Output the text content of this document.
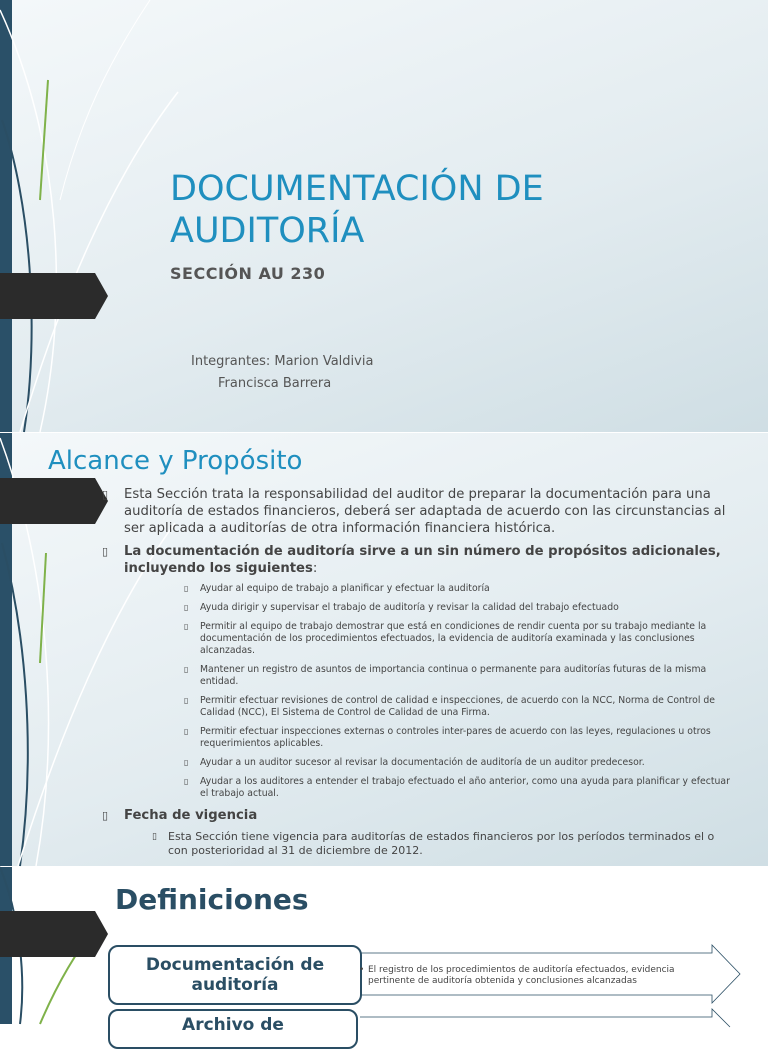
DOCUMENTACIÓN DE AUDITORÍA
SECCIÓN AU 230
Integrantes: Marion Valdivia
Francisca Barrera
Alcance y Propósito
▯ Esta Sección trata la responsabilidad del auditor de preparar la documentación para una auditoría de estados financieros, deberá ser adaptada de acuerdo con las circunstancias al ser aplicada a auditorías de otra información financiera histórica.
▯ La documentación de auditoría sirve a un sin número de propósitos adicionales, incluyendo los siguientes:
▯ Ayudar al equipo de trabajo a planificar y efectuar la auditoría
▯ Ayuda dirigir y supervisar el trabajo de auditoría y revisar la calidad del trabajo efectuado
▯ Permitir al equipo de trabajo demostrar que está en condiciones de rendir cuenta por su trabajo mediante la documentación de los procedimientos efectuados, la evidencia de auditoría examinada y las conclusiones alcanzadas.
▯ Mantener un registro de asuntos de importancia continua o permanente para auditorías futuras de la misma entidad.
▯ Permitir efectuar revisiones de control de calidad e inspecciones, de acuerdo con la NCC, Norma de Control de Calidad (NCC), El Sistema de Control de Calidad de una Firma.
▯ Permitir efectuar inspecciones externas o controles inter-pares de acuerdo con las leyes, regulaciones u otros requerimientos aplicables.
▯ Ayudar a un auditor sucesor al revisar la documentación de auditoría de un auditor predecesor.
▯ Ayudar a los auditores a entender el trabajo efectuado el año anterior, como una ayuda para planificar y efectuar el trabajo actual.
▯ Fecha de vigencia
▯ Esta Sección tiene vigencia para auditorías de estados financieros por los períodos terminados el o con posterioridad al 31 de diciembre de 2012.
Definiciones
Documentación de auditoría
• El registro de los procedimientos de auditoría efectuados, evidencia pertinente de auditoría obtenida y conclusiones alcanzadas
Archivo de
